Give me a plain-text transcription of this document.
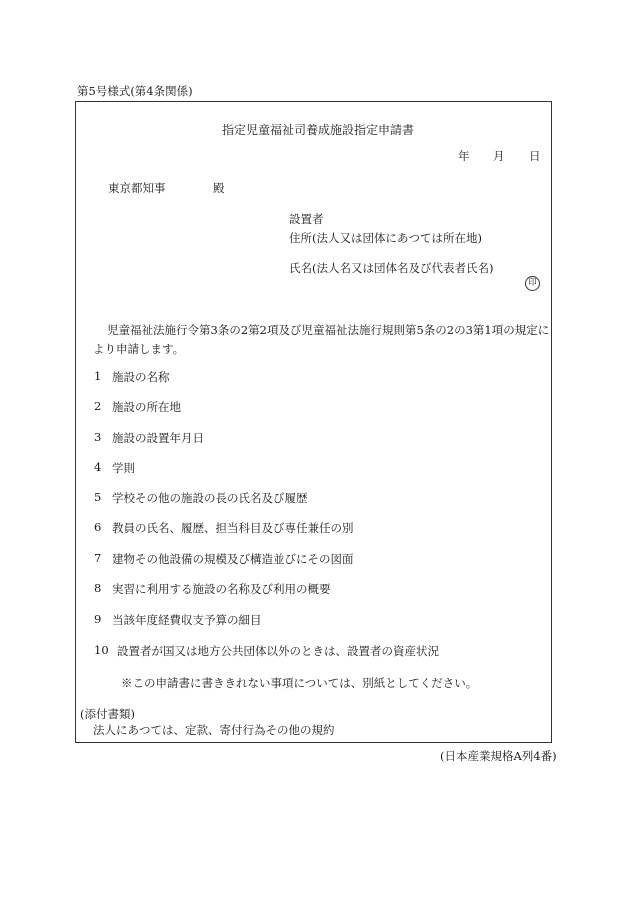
第5号様式(第4条関係)
指定児童福祉司養成施設指定申請書
年 月 日
東京都知事	殿
設置者
住所(法人又は団体にあつては所在地)
氏名(法人名又は団体名及び代表者氏名)
印
児童福祉法施行令第3条の2第2項及び児童福祉法施行規則第5条の2の3第1項の規定に
より申請します。
1 施設の名称
2 施設の所在地
3 施設の設置年月日
4 学則
5 学校その他の施設の長の氏名及び履歴
6 教員の氏名、履歴、担当科目及び専任兼任の別
7 建物その他設備の規模及び構造並びにその図面
8 実習に利用する施設の名称及び利用の概要
9 当該年度経費収支予算の細目
10 設置者が国又は地方公共団体以外のときは、設置者の資産状況
※この申請書に書ききれない事項については、別紙としてください。
(添付書類)
法人にあつては、定款、寄付行為その他の規約
(日本産業規格A列4番)
